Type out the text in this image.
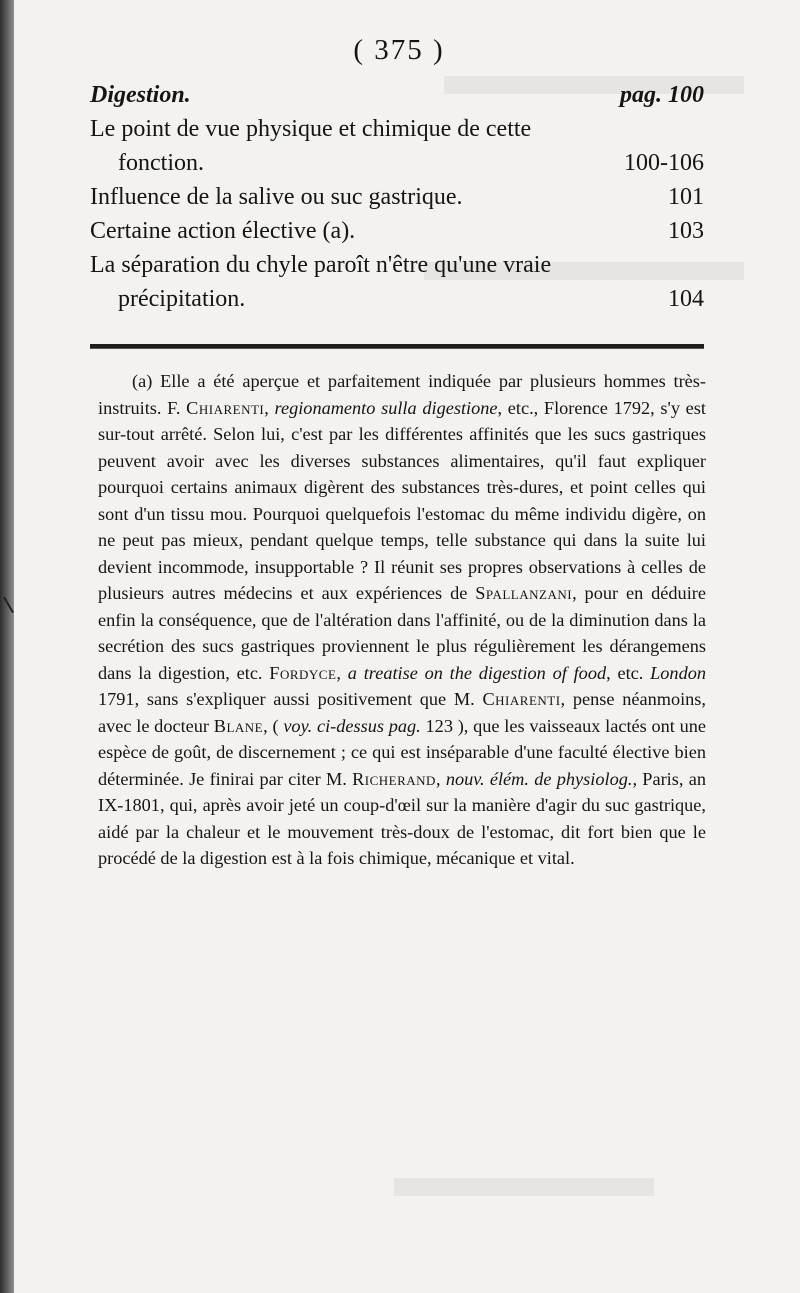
( 375 )
Digestion.	pag. 100
Le point de vue physique et chimique de cette
fonction.	100-106
Influence de la salive ou suc gastrique.	101
Certaine action élective (a).	103
La séparation du chyle paroît n'être qu'une vraie
précipitation.	104

(a) Elle a été aperçue et parfaitement indiquée par plusieurs hommes très-instruits. F. Chiarenti, regionamento sulla digestione, etc., Florence 1792, s'y est sur-tout arrêté. Selon lui, c'est par les différentes affinités que les sucs gastriques peuvent avoir avec les diverses substances alimentaires, qu'il faut expliquer pourquoi certains animaux digèrent des substances très-dures, et point celles qui sont d'un tissu mou. Pourquoi quelquefois l'estomac du même individu digère, on ne peut pas mieux, pendant quelque temps, telle substance qui dans la suite lui devient incommode, insupportable ? Il réunit ses propres observations à celles de plusieurs autres médecins et aux expériences de Spallanzani, pour en déduire enfin la conséquence, que de l'altération dans l'affinité, ou de la diminution dans la secrétion des sucs gastriques proviennent le plus régulièrement les dérangemens dans la digestion, etc. Fordyce, a treatise on the digestion of food, etc. London 1791, sans s'expliquer aussi positivement que M. Chiarenti, pense néanmoins, avec le docteur Blane, ( voy. ci-dessus pag. 123 ), que les vaisseaux lactés ont une espèce de goût, de discernement ; ce qui est inséparable d'une faculté élective bien déterminée. Je finirai par citer M. Richerand, nouv. élém. de physiolog., Paris, an IX-1801, qui, après avoir jeté un coup-d'œil sur la manière d'agir du suc gastrique, aidé par la chaleur et le mouvement très-doux de l'estomac, dit fort bien que le procédé de la digestion est à la fois chimique, mécanique et vital.
